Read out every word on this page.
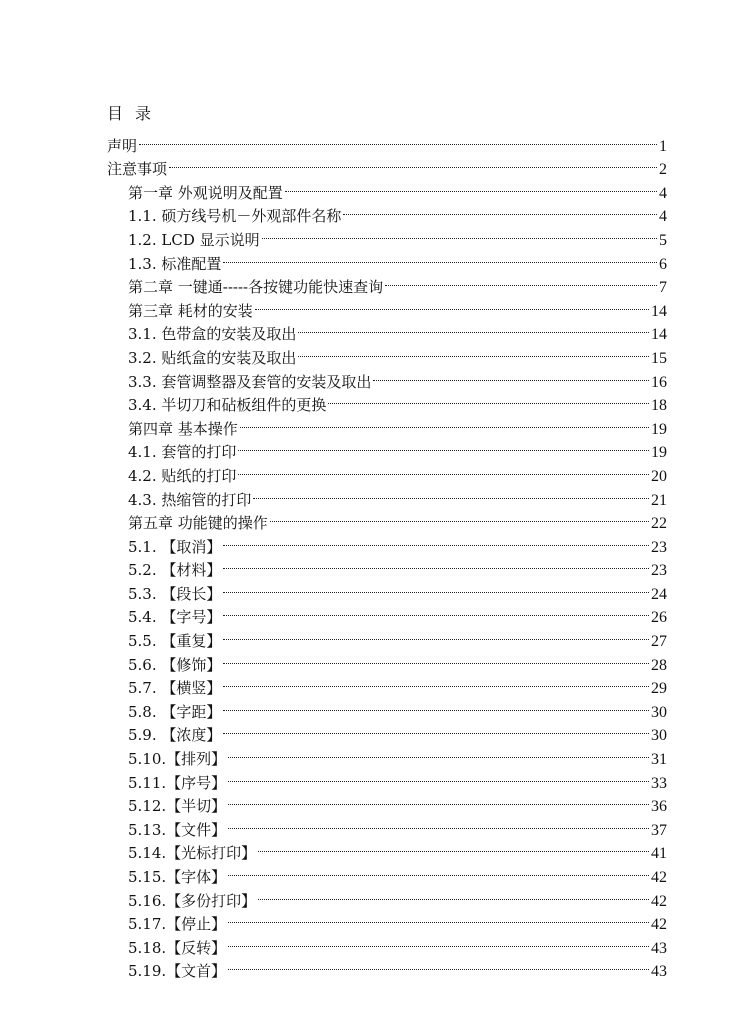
目 录
声明	1
注意事项	2
第一章 外观说明及配置	4
1.1. 硕方线号机－外观部件名称	4
1.2. LCD 显示说明	5
1.3. 标准配置	6
第二章 一键通-----各按键功能快速查询	7
第三章 耗材的安装	14
3.1. 色带盒的安装及取出	14
3.2. 贴纸盒的安装及取出	15
3.3. 套管调整器及套管的安装及取出	16
3.4. 半切刀和砧板组件的更换	18
第四章 基本操作	19
4.1. 套管的打印	19
4.2. 贴纸的打印	20
4.3. 热缩管的打印	21
第五章 功能键的操作	22
5.1. 【取消】	23
5.2. 【材料】	23
5.3. 【段长】	24
5.4. 【字号】	26
5.5. 【重复】	27
5.6. 【修饰】	28
5.7. 【横竖】	29
5.8. 【字距】	30
5.9. 【浓度】	30
5.10.【排列】	31
5.11.【序号】	33
5.12.【半切】	36
5.13.【文件】	37
5.14.【光标打印】	41
5.15.【字体】	42
5.16.【多份打印】	42
5.17.【停止】	42
5.18.【反转】	43
5.19.【文首】	43
